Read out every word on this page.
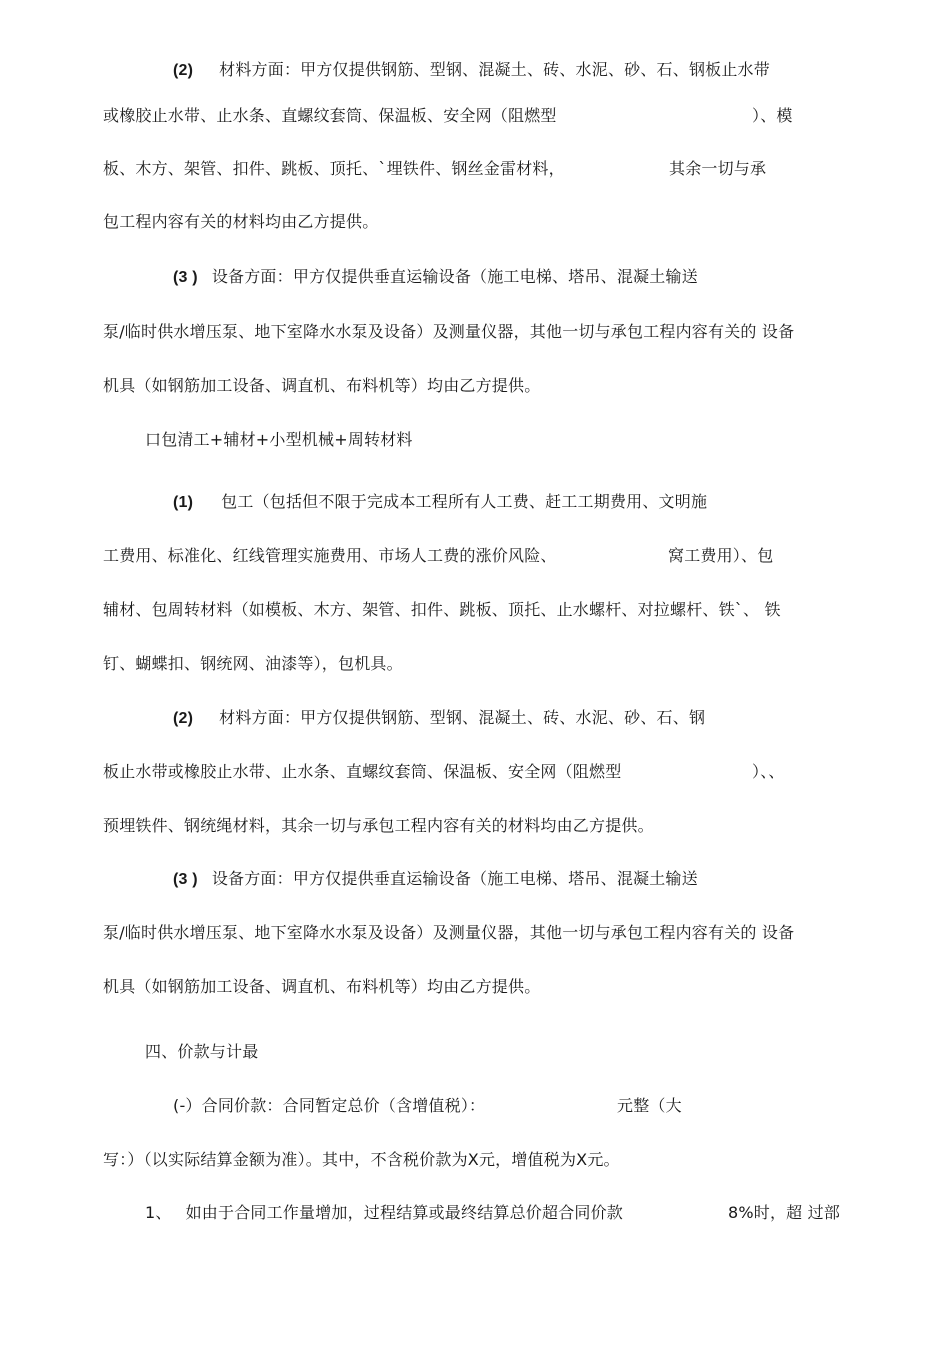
(2) 材料方面：甲方仅提供钢筋、型钢、混凝土、砖、水泥、砂、石、钢板止水带
或橡胶止水带、止水条、直螺纹套筒、保温板、安全网（阻燃型	）、模
板、木方、架管、扣件、跳板、顶托、`埋铁件、钢丝金雷材料，	其余一切与承
包工程内容有关的材料均由乙方提供。
(3 ) 设备方面：甲方仅提供垂直运输设备（施工电梯、塔吊、混凝土输送
泵/临时供水增压泵、地下室降水水泵及设备）及测量仪器，其他一切与承包工程内容有关的 设备
机具（如钢筋加工设备、调直机、布料机等）均由乙方提供。
口包清工+辅材+小型机械+周转材料
(1) 包工（包括但不限于完成本工程所有人工费、赶工工期费用、文明施
工费用、标准化、红线管理实施费用、市场人工费的涨价风险、	窝工费用）、包
辅材、包周转材料（如模板、木方、架管、扣件、跳板、顶托、止水螺杆、对拉螺杆、铁`、 铁
钉、蝴蝶扣、钢统网、油漆等），包机具。
(2) 材料方面：甲方仅提供钢筋、型钢、混凝土、砖、水泥、砂、石、钢
板止水带或橡胶止水带、止水条、直螺纹套筒、保温板、安全网（阻燃型	）、、
预埋铁件、钢统绳材料，其余一切与承包工程内容有关的材料均由乙方提供。
(3 ) 设备方面：甲方仅提供垂直运输设备（施工电梯、塔吊、混凝土输送
泵/临时供水增压泵、地下室降水水泵及设备）及测量仪器，其他一切与承包工程内容有关的 设备
机具（如钢筋加工设备、调直机、布料机等）均由乙方提供。
四、价款与计最
(-）合同价款：合同暂定总价（含增值税）：	元整（大
写：）（以实际结算金额为准）。其中，不含税价款为X元，增值税为X元。
1、 如由于合同工作量增加，过程结算或最终结算总价超合同价款	8%时，超 过部
